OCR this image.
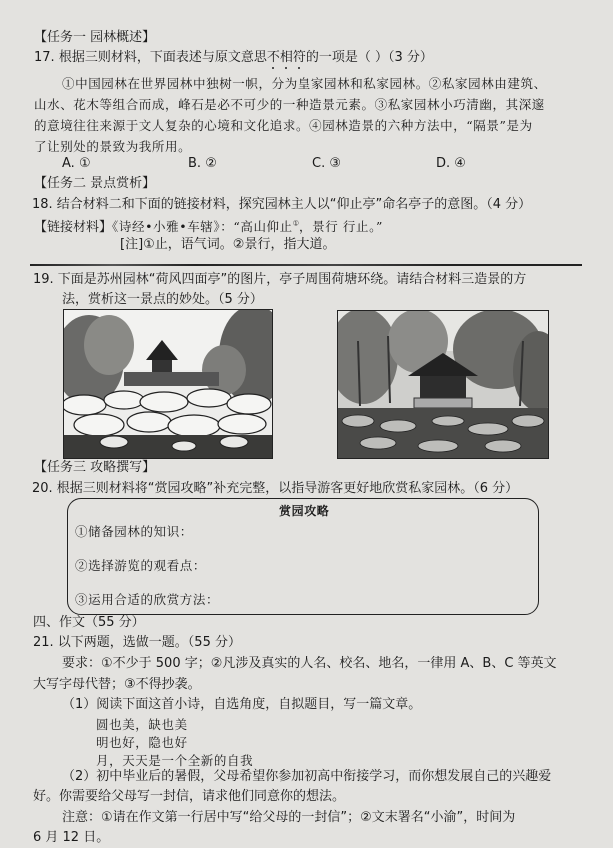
【任务一 园林概述】
17. 根据三则材料，下面表述与原文意思不相符的一项是（ ）（3 分）
①中国园林在世界园林中独树一帜，分为皇家园林和私家园林。②私家园林由建筑、
山水、花木等组合而成，峰石是必不可少的一种造景元素。③私家园林小巧清幽，其深邃
的意境往往来源于文人复杂的心境和文化追求。④园林造景的六种方法中，“隔景”是为
了让别处的景致为我所用。
A. ①	B. ②	C. ③	D. ④
【任务二 景点赏析】
18. 结合材料二和下面的链接材料，探究园林主人以“仰止亭”命名亭子的意图。（4 分）
【链接材料】《诗经•小雅•车辖》：“高山仰止①，景行 行止。”
[注]①止，语气词。②景行，指大道。
19. 下面是苏州园林“荷风四面亭”的图片，亭子周围荷塘环绕。请结合材料三造景的方
法，赏析这一景点的妙处。（5 分）
【任务三 攻略撰写】
20. 根据三则材料将“赏园攻略”补充完整，以指导游客更好地欣赏私家园林。（6 分）
赏园攻略
①储备园林的知识：
②选择游览的观看点：
③运用合适的欣赏方法：
四、作文（55 分）
21. 以下两题，选做一题。（55 分）
要求：①不少于 500 字；②凡涉及真实的人名、校名、地名，一律用 A、B、C 等英文
大写字母代替；③不得抄袭。
（1）阅读下面这首小诗，自选角度，自拟题目，写一篇文章。
圆也美，缺也美
明也好，隐也好
月，天天是一个全新的自我
（2）初中毕业后的暑假，父母希望你参加初高中衔接学习，而你想发展自己的兴趣爱
好。你需要给父母写一封信，请求他们同意你的想法。
注意：①请在作文第一行居中写“给父母的一封信”；②文末署名“小渝”，时间为
6 月 12 日。
